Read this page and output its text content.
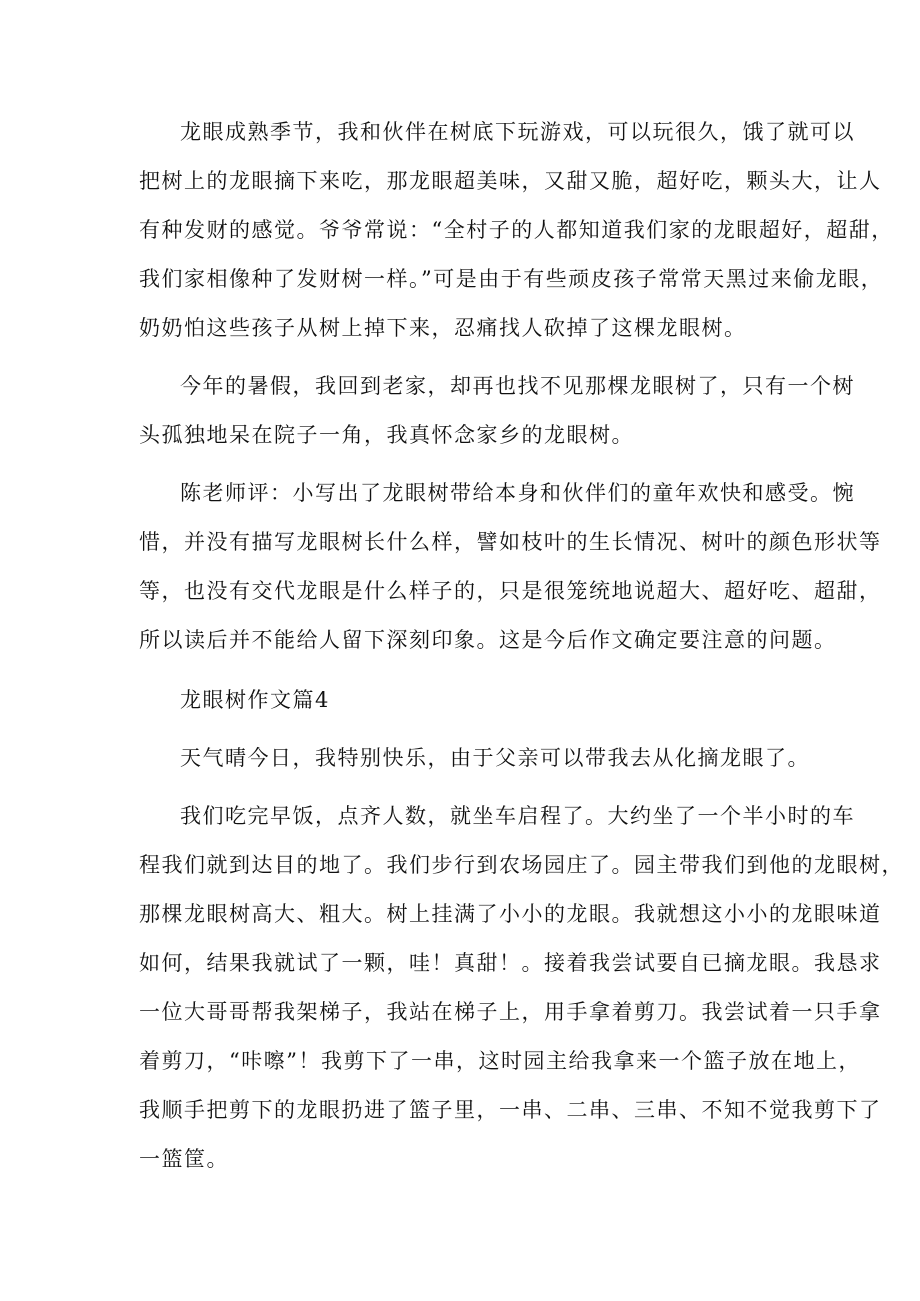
龙眼成熟季节，我和伙伴在树底下玩游戏，可以玩很久，饿了就可以
把树上的龙眼摘下来吃，那龙眼超美味，又甜又脆，超好吃，颗头大，让人
有种发财的感觉。爷爷常说：“全村子的人都知道我们家的龙眼超好，超甜，
我们家相像种了发财树一样。”可是由于有些顽皮孩子常常天黑过来偷龙眼，
奶奶怕这些孩子从树上掉下来，忍痛找人砍掉了这棵龙眼树。
今年的暑假，我回到老家，却再也找不见那棵龙眼树了，只有一个树
头孤独地呆在院子一角，我真怀念家乡的龙眼树。
陈老师评：小写出了龙眼树带给本身和伙伴们的童年欢快和感受。惋
惜，并没有描写龙眼树长什么样，譬如枝叶的生长情况、树叶的颜色形状等
等，也没有交代龙眼是什么样子的，只是很笼统地说超大、超好吃、超甜，
所以读后并不能给人留下深刻印象。这是今后作文确定要注意的问题。
龙眼树作文篇4
天气晴今日，我特别快乐，由于父亲可以带我去从化摘龙眼了。
我们吃完早饭，点齐人数，就坐车启程了。大约坐了一个半小时的车
程我们就到达目的地了。我们步行到农场园庄了。园主带我们到他的龙眼树，
那棵龙眼树高大、粗大。树上挂满了小小的龙眼。我就想这小小的龙眼味道
如何，结果我就试了一颗，哇！真甜！。接着我尝试要自已摘龙眼。我恳求
一位大哥哥帮我架梯子，我站在梯子上，用手拿着剪刀。我尝试着一只手拿
着剪刀，“咔嚓”！我剪下了一串，这时园主给我拿来一个篮子放在地上，
我顺手把剪下的龙眼扔进了篮子里，一串、二串、三串、不知不觉我剪下了
一篮筐。
